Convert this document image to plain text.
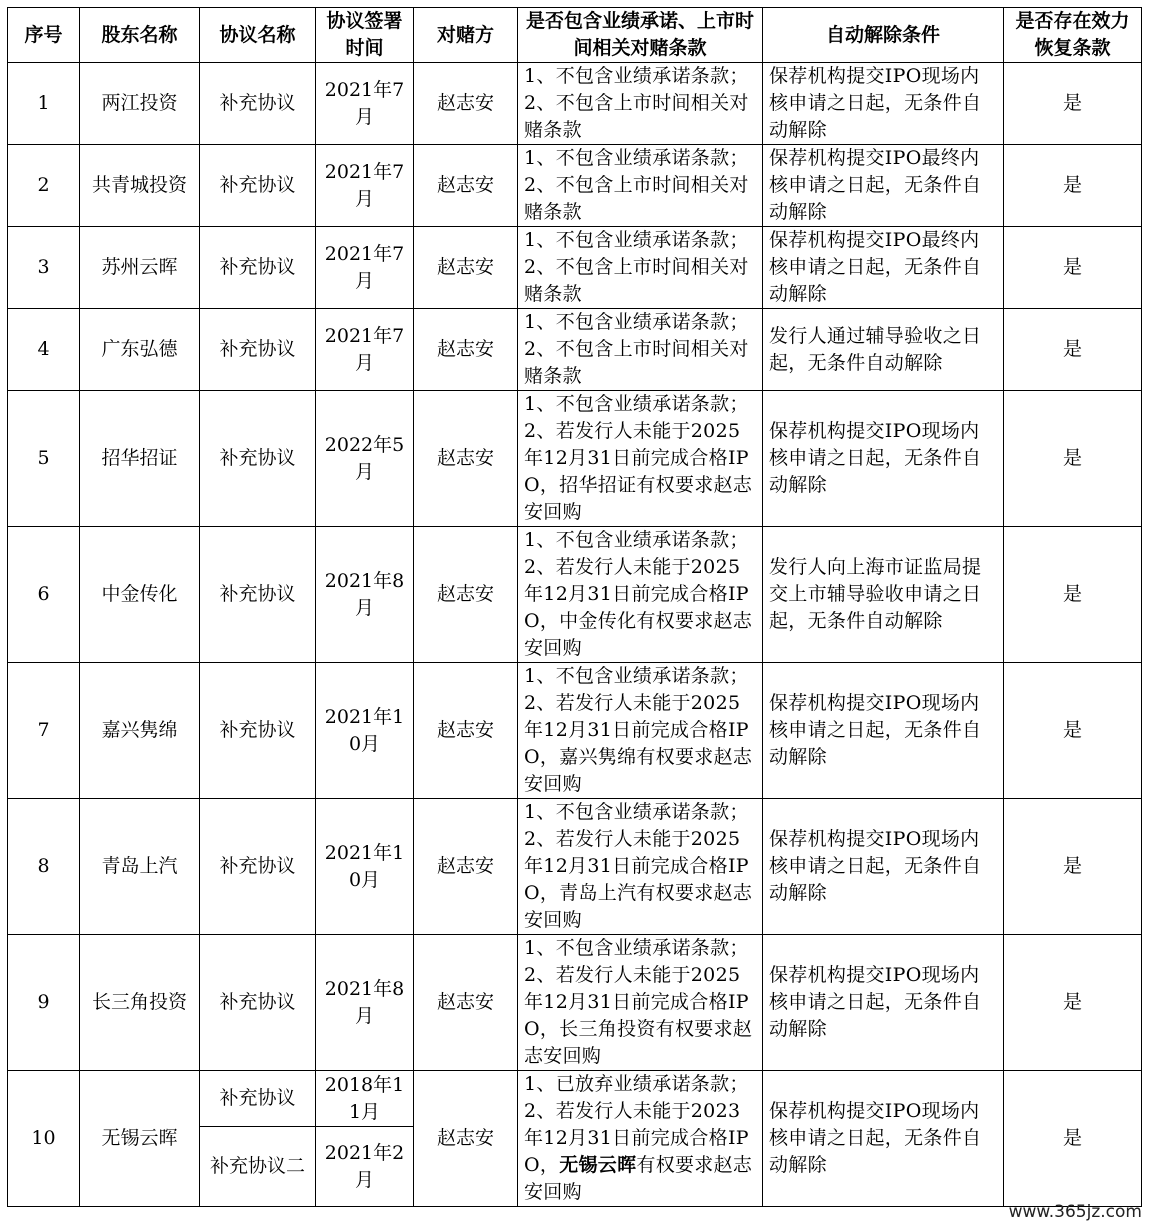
序号	股东名称	协议名称	协议签署时间	对赌方	是否包含业绩承诺、上市时间相关对赌条款	自动解除条件	是否存在效力恢复条款
1	两江投资	补充协议	2021年7月	赵志安	1、不包含业绩承诺条款；2、不包含上市时间相关对赌条款	保荐机构提交IPO现场内核申请之日起，无条件自动解除	是
2	共青城投资	补充协议	2021年7月	赵志安	1、不包含业绩承诺条款；2、不包含上市时间相关对赌条款	保荐机构提交IPO最终内核申请之日起，无条件自动解除	是
3	苏州云晖	补充协议	2021年7月	赵志安	1、不包含业绩承诺条款；2、不包含上市时间相关对赌条款	保荐机构提交IPO最终内核申请之日起，无条件自动解除	是
4	广东弘德	补充协议	2021年7月	赵志安	1、不包含业绩承诺条款；2、不包含上市时间相关对赌条款	发行人通过辅导验收之日起，无条件自动解除	是
5	招华招证	补充协议	2022年5月	赵志安	1、不包含业绩承诺条款；2、若发行人未能于2025年12月31日前完成合格IPO，招华招证有权要求赵志安回购	保荐机构提交IPO现场内核申请之日起，无条件自动解除	是
6	中金传化	补充协议	2021年8月	赵志安	1、不包含业绩承诺条款；2、若发行人未能于2025年12月31日前完成合格IPO，中金传化有权要求赵志安回购	发行人向上海市证监局提交上市辅导验收申请之日起，无条件自动解除	是
7	嘉兴隽绵	补充协议	2021年10月	赵志安	1、不包含业绩承诺条款；2、若发行人未能于2025年12月31日前完成合格IPO，嘉兴隽绵有权要求赵志安回购	保荐机构提交IPO现场内核申请之日起，无条件自动解除	是
8	青岛上汽	补充协议	2021年10月	赵志安	1、不包含业绩承诺条款；2、若发行人未能于2025年12月31日前完成合格IPO，青岛上汽有权要求赵志安回购	保荐机构提交IPO现场内核申请之日起，无条件自动解除	是
9	长三角投资	补充协议	2021年8月	赵志安	1、不包含业绩承诺条款；2、若发行人未能于2025年12月31日前完成合格IPO，长三角投资有权要求赵志安回购	保荐机构提交IPO现场内核申请之日起，无条件自动解除	是
10	无锡云晖	补充协议	2018年11月	赵志安	1、已放弃业绩承诺条款；2、若发行人未能于2023年12月31日前完成合格IPO，无锡云晖有权要求赵志安回购	保荐机构提交IPO现场内核申请之日起，无条件自动解除	是
		补充协议二	2021年2月				
www.365jz.com
